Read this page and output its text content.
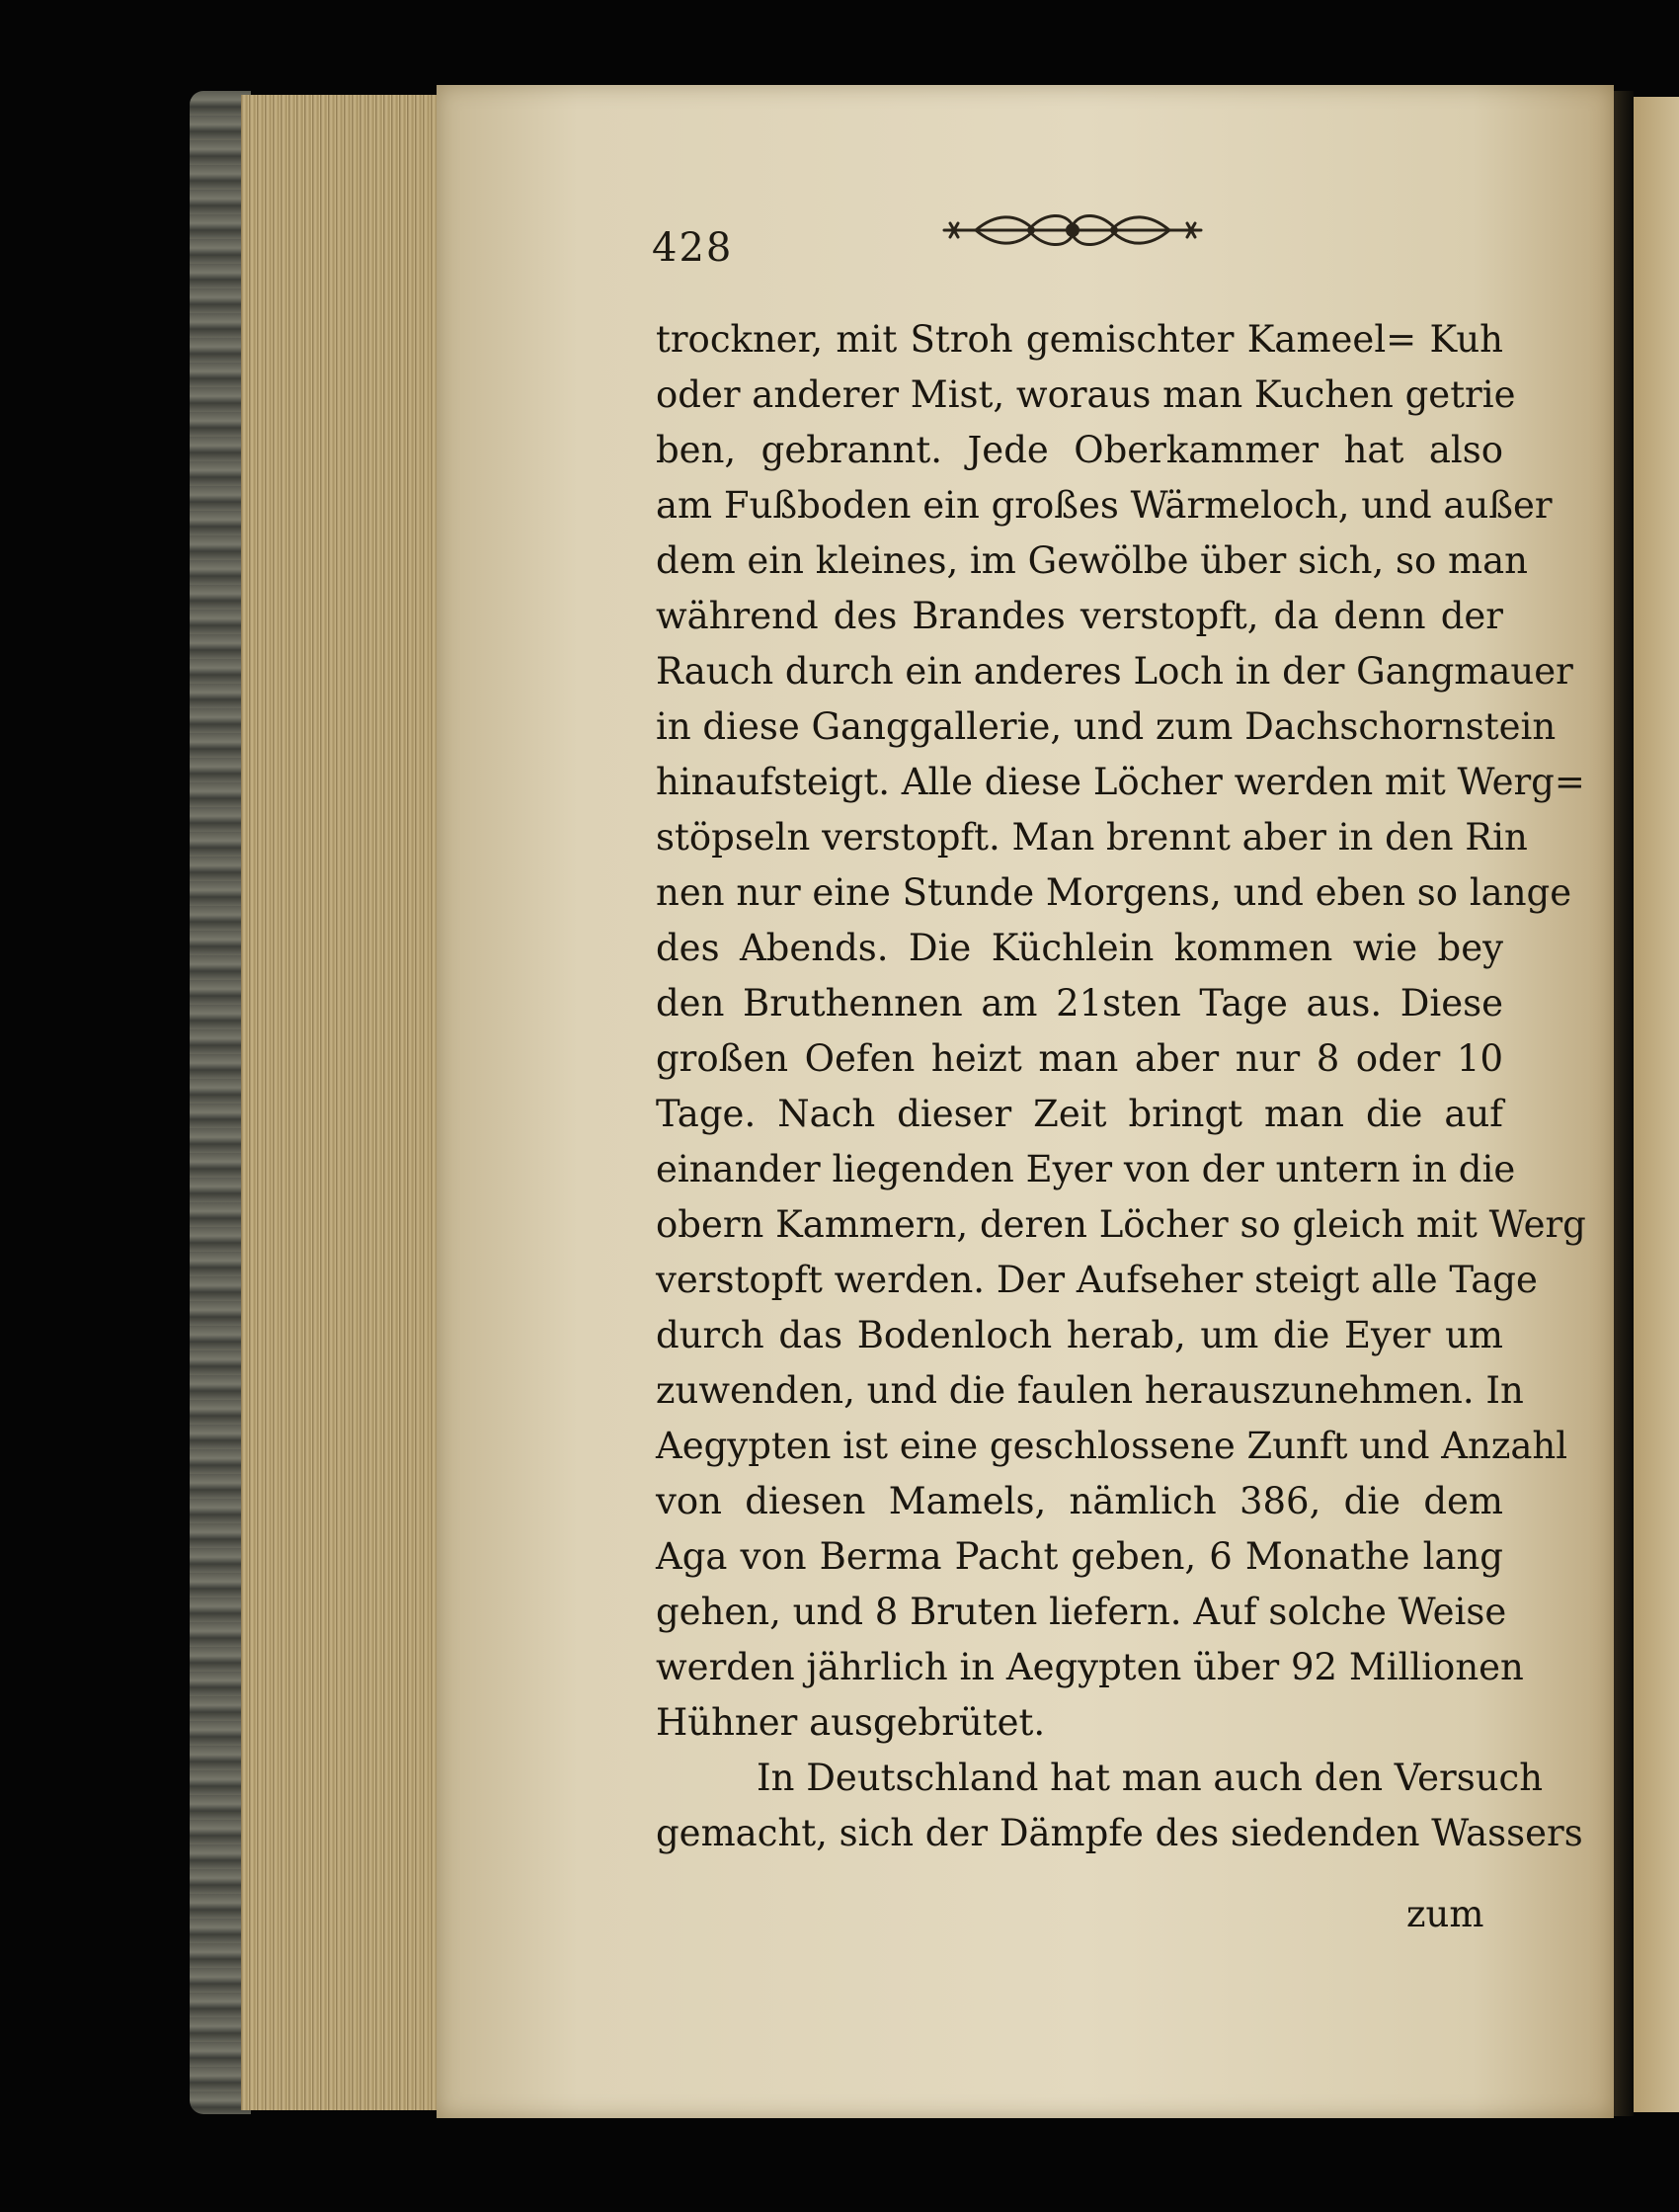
428
trockner, mit Stroh gemischter Kameel= Kuh
oder anderer Mist, woraus man Kuchen getrie
ben, gebrannt. Jede Oberkammer hat also
am Fußboden ein großes Wärmeloch, und außer
dem ein kleines, im Gewölbe über sich, so man
während des Brandes verstopft, da denn der
Rauch durch ein anderes Loch in der Gangmauer
in diese Ganggallerie, und zum Dachschornstein
hinaufsteigt. Alle diese Löcher werden mit Werg=
stöpseln verstopft. Man brennt aber in den Rin
nen nur eine Stunde Morgens, und eben so lange
des Abends. Die Küchlein kommen wie bey
den Bruthennen am 21sten Tage aus. Diese
großen Oefen heizt man aber nur 8 oder 10
Tage. Nach dieser Zeit bringt man die auf
einander liegenden Eyer von der untern in die
obern Kammern, deren Löcher so gleich mit Werg
verstopft werden. Der Aufseher steigt alle Tage
durch das Bodenloch herab, um die Eyer um
zuwenden, und die faulen herauszunehmen. In
Aegypten ist eine geschlossene Zunft und Anzahl
von diesen Mamels, nämlich 386, die dem
Aga von Berma Pacht geben, 6 Monathe lang
gehen, und 8 Bruten liefern. Auf solche Weise
werden jährlich in Aegypten über 92 Millionen
Hühner ausgebrütet.
In Deutschland hat man auch den Versuch
gemacht, sich der Dämpfe des siedenden Wassers
zum
